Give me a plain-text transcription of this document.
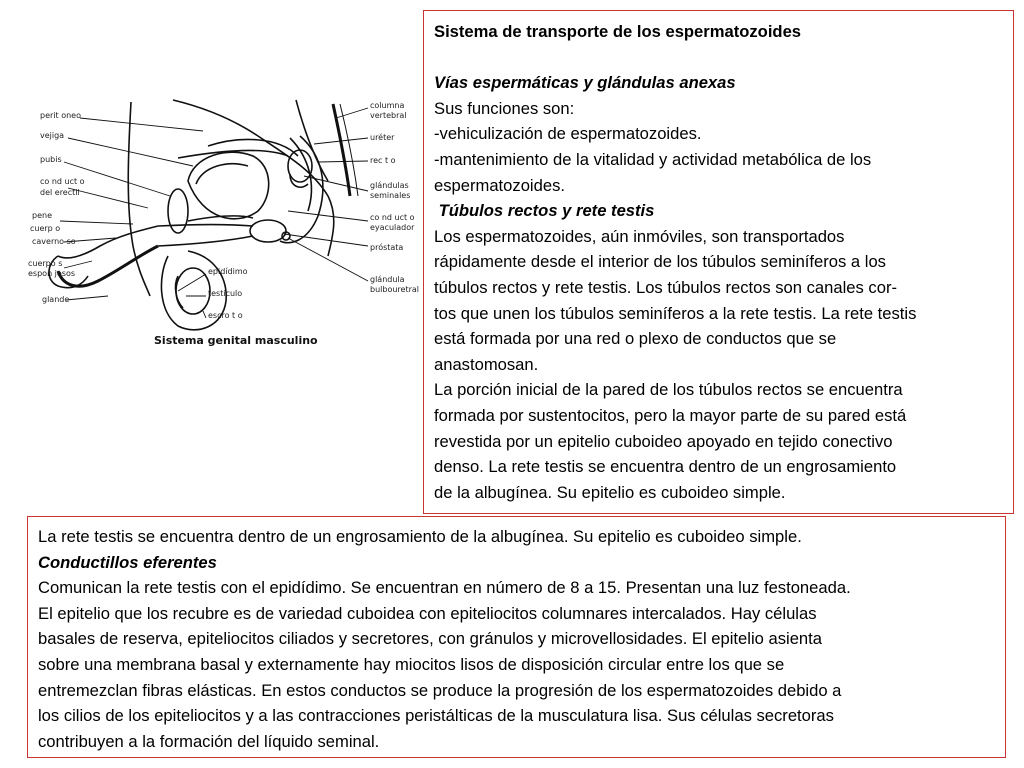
perit oneo
vejiga
pubis
co nd uct o
del erectil
pene
cuerp o
caverno so
cuerpo s
espon josos
glande
columna
vertebral
uréter
rec t o
glándulas
seminales
co nd uct o
eyaculador
próstata
glándula
bulbouretral
epidídimo
testículo
escro t o
Sistema genital masculino
Sistema de transporte de los espermatozoides
Vías espermáticas y glándulas anexas
Sus funciones son:
-vehiculización de espermatozoides.
-mantenimiento de la vitalidad y actividad metabólica de los
espermatozoides.
Túbulos rectos y rete testis
Los espermatozoides, aún inmóviles, son transportados
rápidamente desde el interior de los túbulos seminíferos a los
túbulos rectos y rete testis. Los túbulos rectos son canales cor-
tos que unen los túbulos seminíferos a la rete testis. La rete testis
está formada por una red o plexo de conductos que se
anastomosan.
La porción inicial de la pared de los túbulos rectos se encuentra
formada por sustentocitos, pero la mayor parte de su pared está
revestida por un epitelio cuboideo apoyado en tejido conectivo
denso. La rete testis se encuentra dentro de un engrosamiento
de la albugínea. Su epitelio es cuboideo simple.
La rete testis se encuentra dentro de un engrosamiento de la albugínea. Su epitelio es cuboideo simple.
Conductillos eferentes
Comunican la rete testis con el epidídimo. Se encuentran en número de 8 a 15. Presentan una luz festoneada.
El epitelio que los recubre es de variedad cuboidea con epiteliocitos columnares intercalados. Hay células
basales de reserva, epiteliocitos ciliados y secretores, con gránulos y microvellosidades. El epitelio asienta
sobre una membrana basal y externamente hay miocitos lisos de disposición circular entre los que se
entremezclan fibras elásticas. En estos conductos se produce la progresión de los espermatozoides debido a
los cilios de los epiteliocitos y a las contracciones peristálticas de la musculatura lisa. Sus células secretoras
contribuyen a la formación del líquido seminal.
